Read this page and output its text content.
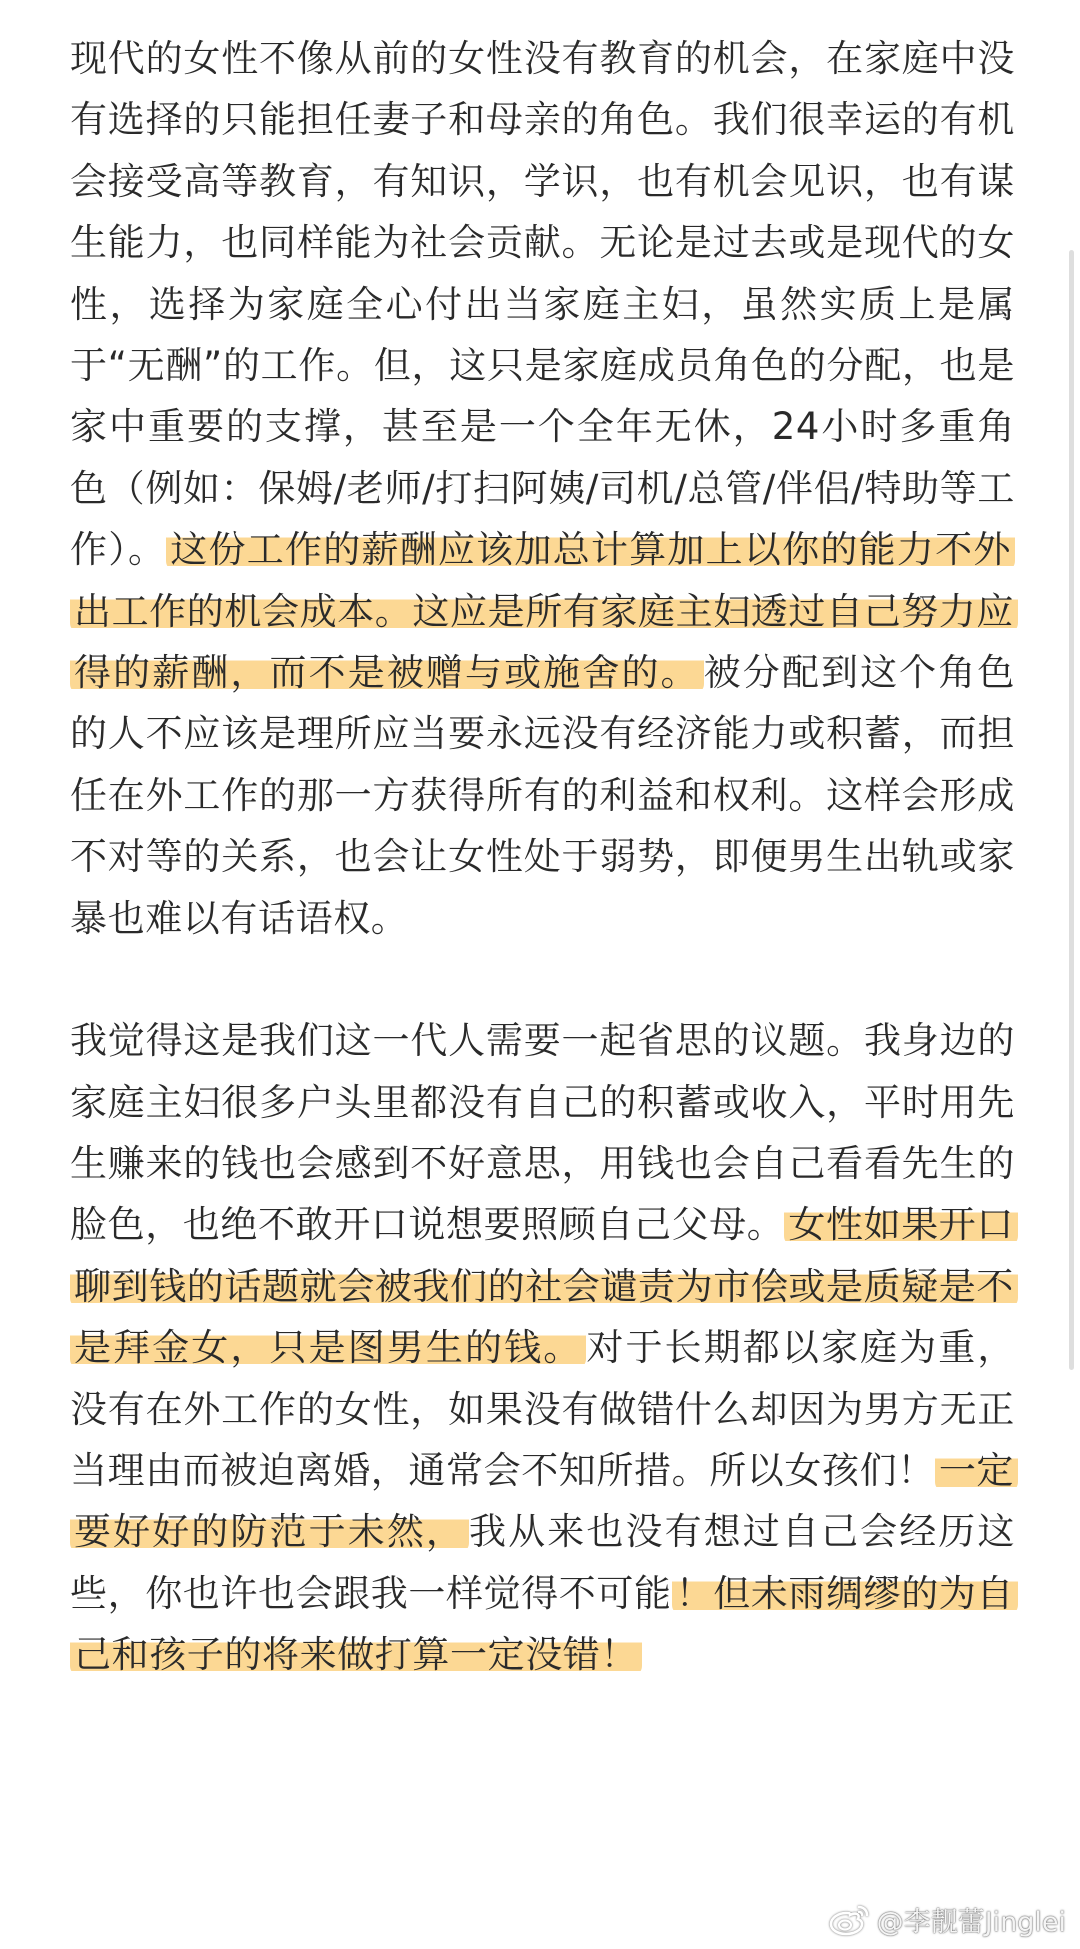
现代的女性不像从前的女性没有教育的机会，在家庭中没有选择的只能担任妻子和母亲的角色。我们很幸运的有机会接受高等教育，有知识，学识，也有机会见识，也有谋生能力，也同样能为社会贡献。无论是过去或是现代的女性，选择为家庭全心付出当家庭主妇，虽然实质上是属于“无酬”的工作。但，这只是家庭成员角色的分配，也是家中重要的支撑，甚至是一个全年无休，24小时多重角色（例如：保姆/老师/打扫阿姨/司机/总管/伴侣/特助等工作）。 这份工作的薪酬应该加总计算加上以你的能力不外出工作的机会成本。这应是所有家庭主妇透过自己努力应得的薪酬，而不是被赠与或施舍的。 被分配到这个角色的人不应该是理所应当要永远没有经济能力或积蓄，而担任在外工作的那一方获得所有的利益和权利。这样会形成不对等的关系，也会让女性处于弱势，即便男生出轨或家暴也难以有话语权。

我觉得这是我们这一代人需要一起省思的议题。我身边的家庭主妇很多户头里都没有自己的积蓄或收入，平时用先生赚来的钱也会感到不好意思，用钱也会自己看看先生的脸色，也绝不敢开口说想要照顾自己父母。 女性如果开口聊到钱的话题就会被我们的社会谴责为市侩或是质疑是不是拜金女，只是图男生的钱。 对于长期都以家庭为重，没有在外工作的女性，如果没有做错什么却因为男方无正当理由而被迫离婚，通常会不知所措。所以女孩们！ 一定要好好的防范于未然， 我从来也没有想过自己会经历这些，你也许也会跟我一样觉得不可能 ！但未雨绸缪的为自己和孩子的将来做打算一定没错！

@李靓蕾Jinglei
